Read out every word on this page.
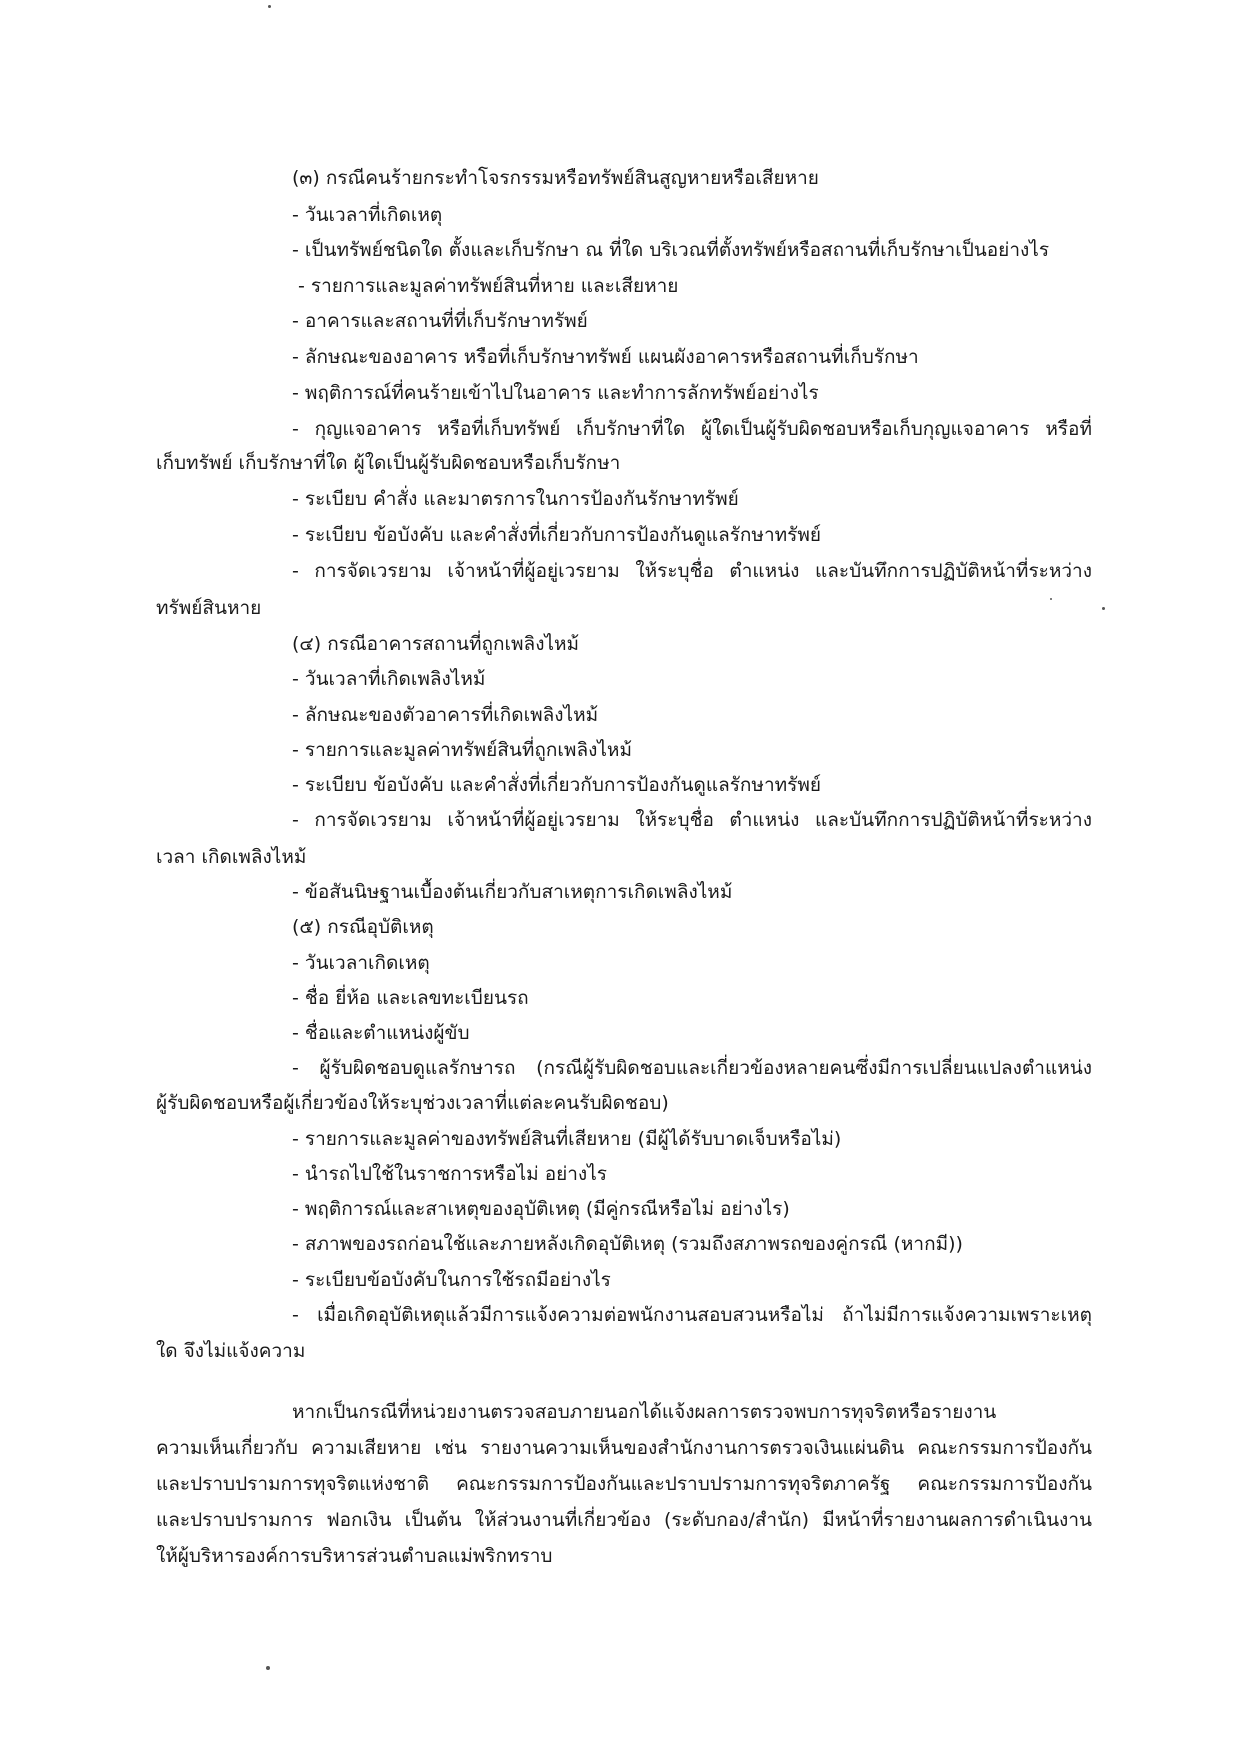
(๓) กรณีคนร้ายกระทำโจรกรรมหรือทรัพย์สินสูญหายหรือเสียหาย
- วันเวลาที่เกิดเหตุ
- เป็นทรัพย์ชนิดใด ตั้งและเก็บรักษา ณ ที่ใด บริเวณที่ตั้งทรัพย์หรือสถานที่เก็บรักษาเป็นอย่างไร
- รายการและมูลค่าทรัพย์สินที่หาย และเสียหาย
- อาคารและสถานที่ที่เก็บรักษาทรัพย์
- ลักษณะของอาคาร หรือที่เก็บรักษาทรัพย์ แผนผังอาคารหรือสถานที่เก็บรักษา
- พฤติการณ์ที่คนร้ายเข้าไปในอาคาร และทำการลักทรัพย์อย่างไร
- กุญแจอาคาร หรือที่เก็บทรัพย์ เก็บรักษาที่ใด ผู้ใดเป็นผู้รับผิดชอบหรือเก็บกุญแจอาคาร หรือที่
เก็บทรัพย์ เก็บรักษาที่ใด ผู้ใดเป็นผู้รับผิดชอบหรือเก็บรักษา
- ระเบียบ คำสั่ง และมาตรการในการป้องกันรักษาทรัพย์
- ระเบียบ ข้อบังคับ และคำสั่งที่เกี่ยวกับการป้องกันดูแลรักษาทรัพย์
- การจัดเวรยาม เจ้าหน้าที่ผู้อยู่เวรยาม ให้ระบุชื่อ ตำแหน่ง และบันทึกการปฏิบัติหน้าที่ระหว่าง
ทรัพย์สินหาย
(๔) กรณีอาคารสถานที่ถูกเพลิงไหม้
- วันเวลาที่เกิดเพลิงไหม้
- ลักษณะของตัวอาคารที่เกิดเพลิงไหม้
- รายการและมูลค่าทรัพย์สินที่ถูกเพลิงไหม้
- ระเบียบ ข้อบังคับ และคำสั่งที่เกี่ยวกับการป้องกันดูแลรักษาทรัพย์
- การจัดเวรยาม เจ้าหน้าที่ผู้อยู่เวรยาม ให้ระบุชื่อ ตำแหน่ง และบันทึกการปฏิบัติหน้าที่ระหว่าง
เวลา เกิดเพลิงไหม้
- ข้อสันนิษฐานเบื้องต้นเกี่ยวกับสาเหตุการเกิดเพลิงไหม้
(๕) กรณีอุบัติเหตุ
- วันเวลาเกิดเหตุ
- ชื่อ ยี่ห้อ และเลขทะเบียนรถ
- ชื่อและตำแหน่งผู้ขับ
- ผู้รับผิดชอบดูแลรักษารถ (กรณีผู้รับผิดชอบและเกี่ยวข้องหลายคนซึ่งมีการเปลี่ยนแปลงตำแหน่ง
ผู้รับผิดชอบหรือผู้เกี่ยวข้องให้ระบุช่วงเวลาที่แต่ละคนรับผิดชอบ)
- รายการและมูลค่าของทรัพย์สินที่เสียหาย (มีผู้ได้รับบาดเจ็บหรือไม่)
- นำรถไปใช้ในราชการหรือไม่ อย่างไร
- พฤติการณ์และสาเหตุของอุบัติเหตุ (มีคู่กรณีหรือไม่ อย่างไร)
- สภาพของรถก่อนใช้และภายหลังเกิดอุบัติเหตุ (รวมถึงสภาพรถของคู่กรณี (หากมี))
- ระเบียบข้อบังคับในการใช้รถมีอย่างไร
- เมื่อเกิดอุบัติเหตุแล้วมีการแจ้งความต่อพนักงานสอบสวนหรือไม่ ถ้าไม่มีการแจ้งความเพราะเหตุ
ใด จึงไม่แจ้งความ
หากเป็นกรณีที่หน่วยงานตรวจสอบภายนอกได้แจ้งผลการตรวจพบการทุจริตหรือรายงาน
ความเห็นเกี่ยวกับ ความเสียหาย เช่น รายงานความเห็นของสำนักงานการตรวจเงินแผ่นดิน คณะกรรมการป้องกัน
และปราบปรามการทุจริตแห่งชาติ คณะกรรมการป้องกันและปราบปรามการทุจริตภาครัฐ คณะกรรมการป้องกัน
และปราบปรามการ ฟอกเงิน เป็นต้น ให้ส่วนงานที่เกี่ยวข้อง (ระดับกอง/สำนัก) มีหน้าที่รายงานผลการดำเนินงาน
ให้ผู้บริหารองค์การบริหารส่วนตำบลแม่พริกทราบ
